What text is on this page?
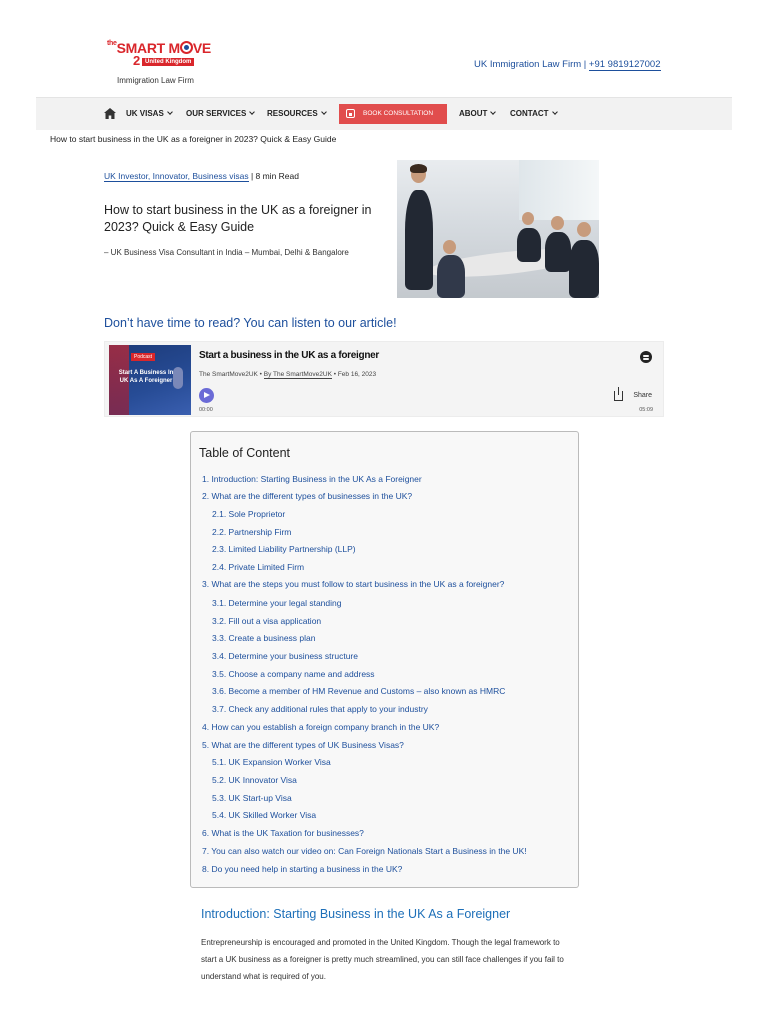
$^{the}$SMART M VE
2 United Kingdom
Immigration Law Firm
UK Immigration Law Firm | +91 9819127002
UK VISAS	OUR SERVICES	RESOURCES	BOOK CONSULTATION	ABOUT	CONTACT
How to start business in the UK as a foreigner in 2023? Quick & Easy Guide
UK Investor, Innovator, Business visas | 8 min Read
How to start business in the UK as a foreigner in 2023? Quick & Easy Guide
– UK Business Visa Consultant in India – Mumbai, Delhi & Bangalore
Don’t have time to read? You can listen to our article!
Podcast
Start A Business In UK As A Foreigner
Start a business in the UK as a foreigner
The SmartMove2UK • By The SmartMove2UK • Feb 16, 2023
00:00	05:09
Share
Table of Content
1. Introduction: Starting Business in the UK As a Foreigner
2. What are the different types of businesses in the UK?
2.1. Sole Proprietor
2.2. Partnership Firm
2.3. Limited Liability Partnership (LLP)
2.4. Private Limited Firm
3. What are the steps you must follow to start business in the UK as a foreigner?
3.1. Determine your legal standing
3.2. Fill out a visa application
3.3. Create a business plan
3.4. Determine your business structure
3.5. Choose a company name and address
3.6. Become a member of HM Revenue and Customs – also known as HMRC
3.7. Check any additional rules that apply to your industry
4. How can you establish a foreign company branch in the UK?
5. What are the different types of UK Business Visas?
5.1. UK Expansion Worker Visa
5.2. UK Innovator Visa
5.3. UK Start-up Visa
5.4. UK Skilled Worker Visa
6. What is the UK Taxation for businesses?
7. You can also watch our video on: Can Foreign Nationals Start a Business in the UK!
8. Do you need help in starting a business in the UK?
Introduction: Starting Business in the UK As a Foreigner
Entrepreneurship is encouraged and promoted in the United Kingdom. Though the legal framework to start a UK business as a foreigner is pretty much streamlined, you can still face challenges if you fail to understand what is required of you.
